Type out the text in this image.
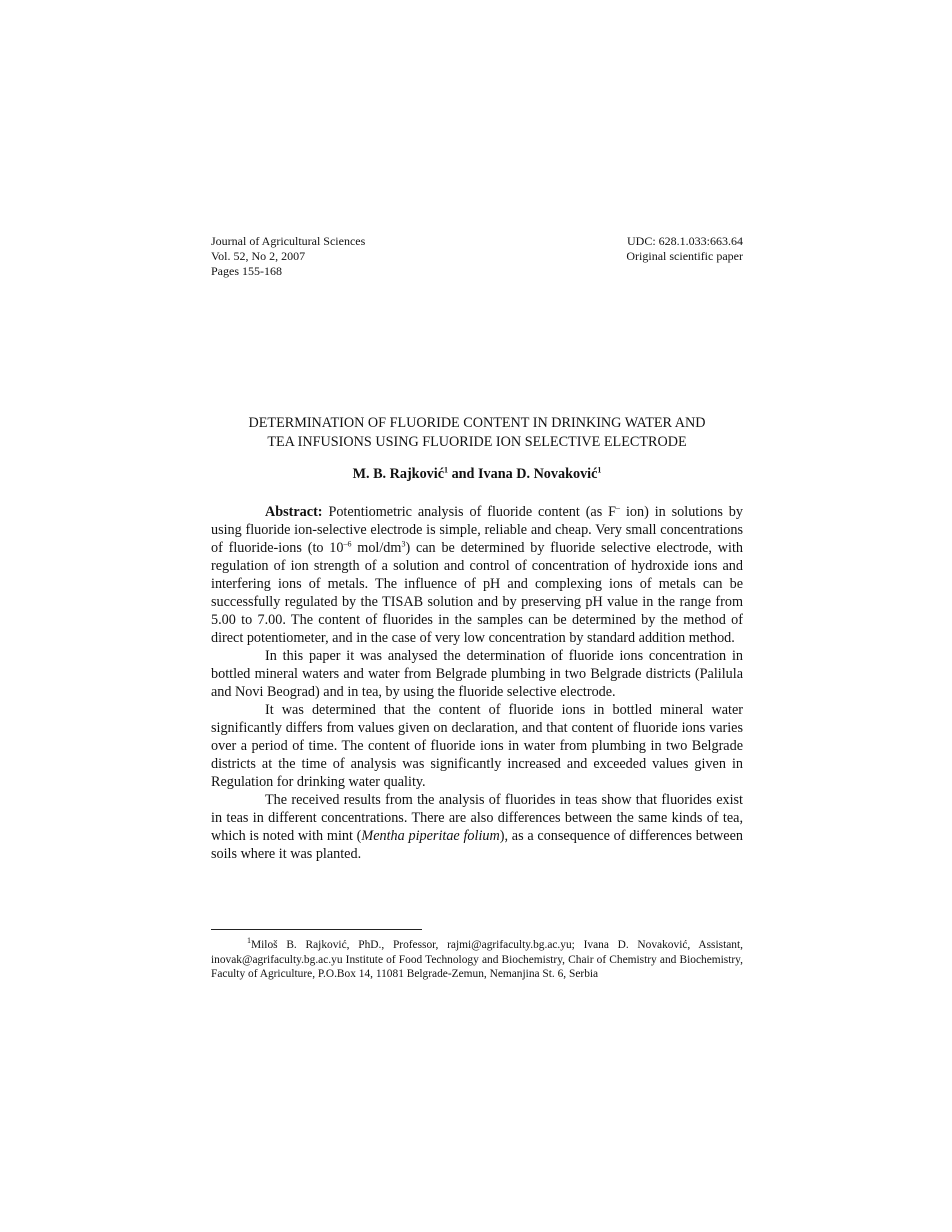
Journal of Agricultural Sciences	UDC: 628.1.033:663.64
Vol. 52, No 2, 2007	Original scientific paper
Pages 155-168
DETERMINATION OF FLUORIDE CONTENT IN DRINKING WATER AND
TEA INFUSIONS USING FLUORIDE ION SELECTIVE ELECTRODE
M. B. Rajković$^1$ and Ivana D. Novaković$^1$

Abstract: Potentiometric analysis of fluoride content (as F– ion) in solutions by using fluoride ion-selective electrode is simple, reliable and cheap. Very small concentrations of fluoride-ions (to $10^{-6}$ mol/$dm^3$) can be determined by fluoride selective electrode, with regulation of ion strength of a solution and control of concentration of hydroxide ions and interfering ions of metals. The influence of pH and complexing ions of metals can be successfully regulated by the TISAB solution and by preserving pH value in the range from 5.00 to 7.00. The content of fluorides in the samples can be determined by the method of direct potentiometer, and in the case of very low concentration by standard addition method.

In this paper it was analysed the determination of fluoride ions concentration in bottled mineral waters and water from Belgrade plumbing in two Belgrade districts (Palilula and Novi Beograd) and in tea, by using the fluoride selective electrode.

It was determined that the content of fluoride ions in bottled mineral water significantly differs from values given on declaration, and that content of fluoride ions varies over a period of time. The content of fluoride ions in water from plumbing in two Belgrade districts at the time of analysis was significantly increased and exceeded values given in Regulation for drinking water quality.

The received results from the analysis of fluorides in teas show that fluorides exist in teas in different concentrations. There are also differences between the same kinds of tea, which is noted with mint (Mentha piperitae folium), as a consequence of differences between soils where it was planted.

$^1$Miloš B. Rajković, PhD., Professor, rajmi@agrifaculty.bg.ac.yu; Ivana D. Novaković, Assistant, inovak@agrifaculty.bg.ac.yu Institute of Food Technology and Biochemistry, Chair of Chemistry and Biochemistry, Faculty of Agriculture, P.O.Box 14, 11081 Belgrade-Zemun, Nemanjina St. 6, Serbia
